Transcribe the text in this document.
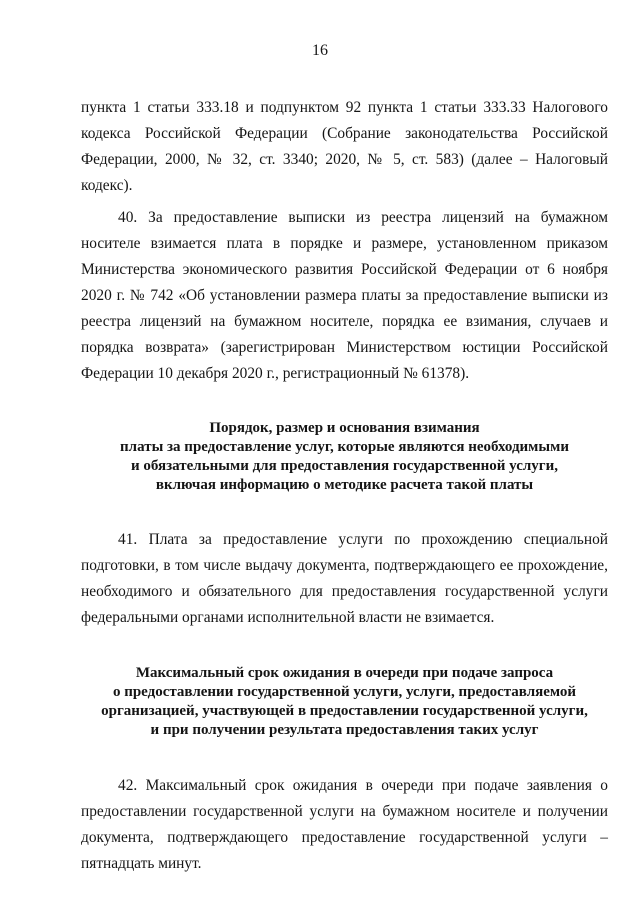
16

пункта 1 статьи 333.18 и подпунктом 92 пункта 1 статьи 333.33 Налогового кодекса Российской Федерации (Собрание законодательства Российской Федерации, 2000, № 32, ст. 3340; 2020, № 5, ст. 583) (далее – Налоговый кодекс).

40. За предоставление выписки из реестра лицензий на бумажном носителе взимается плата в порядке и размере, установленном приказом Министерства экономического развития Российской Федерации от 6 ноября 2020 г. № 742 «Об установлении размера платы за предоставление выписки из реестра лицензий на бумажном носителе, порядка ее взимания, случаев и порядка возврата» (зарегистрирован Министерством юстиции Российской Федерации 10 декабря 2020 г., регистрационный № 61378).

Порядок, размер и основания взимания
платы за предоставление услуг, которые являются необходимыми
и обязательными для предоставления государственной услуги,
включая информацию о методике расчета такой платы

41. Плата за предоставление услуги по прохождению специальной подготовки, в том числе выдачу документа, подтверждающего ее прохождение, необходимого и обязательного для предоставления государственной услуги федеральными органами исполнительной власти не взимается.

Максимальный срок ожидания в очереди при подаче запроса
о предоставлении государственной услуги, услуги, предоставляемой
организацией, участвующей в предоставлении государственной услуги,
и при получении результата предоставления таких услуг

42. Максимальный срок ожидания в очереди при подаче заявления о предоставлении государственной услуги на бумажном носителе и получении документа, подтверждающего предоставление государственной услуги – пятнадцать минут.
